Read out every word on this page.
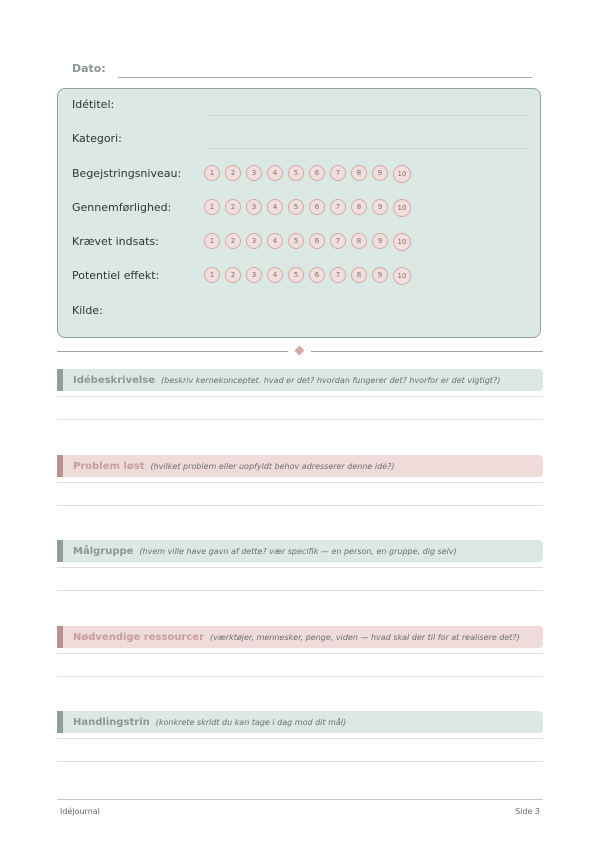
Dato:
Idétitel:
Kategori:
Begejstringsniveau:	1	2	3	4	5	6	7	8	9	10
Gennemførlighed:	1	2	3	4	5	6	7	8	9	10
Krævet indsats:	1	2	3	4	5	6	7	8	9	10
Potentiel effekt:	1	2	3	4	5	6	7	8	9	10
Kilde:
Idébeskrivelse (beskriv kernekonceptet. hvad er det? hvordan fungerer det? hvorfor er det vigtigt?)
Problem løst (hvilket problem eller uopfyldt behov adresserer denne idé?)
Målgruppe (hvem ville have gavn af dette? vær specifik — en person, en gruppe, dig selv)
Nødvendige ressourcer (værktøjer, mennesker, penge, viden — hvad skal der til for at realisere det?)
Handlingstrin (konkrete skridt du kan tage i dag mod dit mål)
Idéjournal	Side 3
